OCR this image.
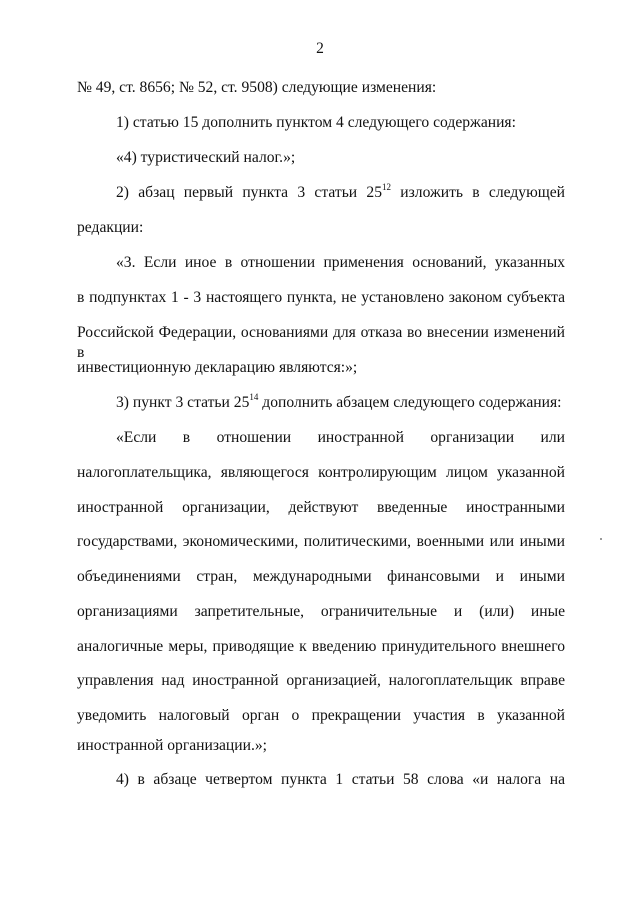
2
№ 49, ст. 8656; № 52, ст. 9508) следующие изменения:
1) статью 15 дополнить пунктом 4 следующего содержания:
«4) туристический налог.»;
2) абзац первый пункта 3 статьи $25^{12}$ изложить в следующей
редакции:
«3. Если иное в отношении применения оснований, указанных
в подпунктах 1 - 3 настоящего пункта, не установлено законом субъекта
Российской Федерации, основаниями для отказа во внесении изменений в
инвестиционную декларацию являются:»;
3) пункт 3 статьи $25^{14}$ дополнить абзацем следующего содержания:
«Если в отношении иностранной организации или
налогоплательщика, являющегося контролирующим лицом указанной
иностранной организации, действуют введенные иностранными
государствами, экономическими, политическими, военными или иными
объединениями стран, международными финансовыми и иными
организациями запретительные, ограничительные и (или) иные
аналогичные меры, приводящие к введению принудительного внешнего
управления над иностранной организацией, налогоплательщик вправе
уведомить налоговый орган о прекращении участия в указанной
иностранной организации.»;
4) в абзаце четвертом пункта 1 статьи 58 слова «и налога на
